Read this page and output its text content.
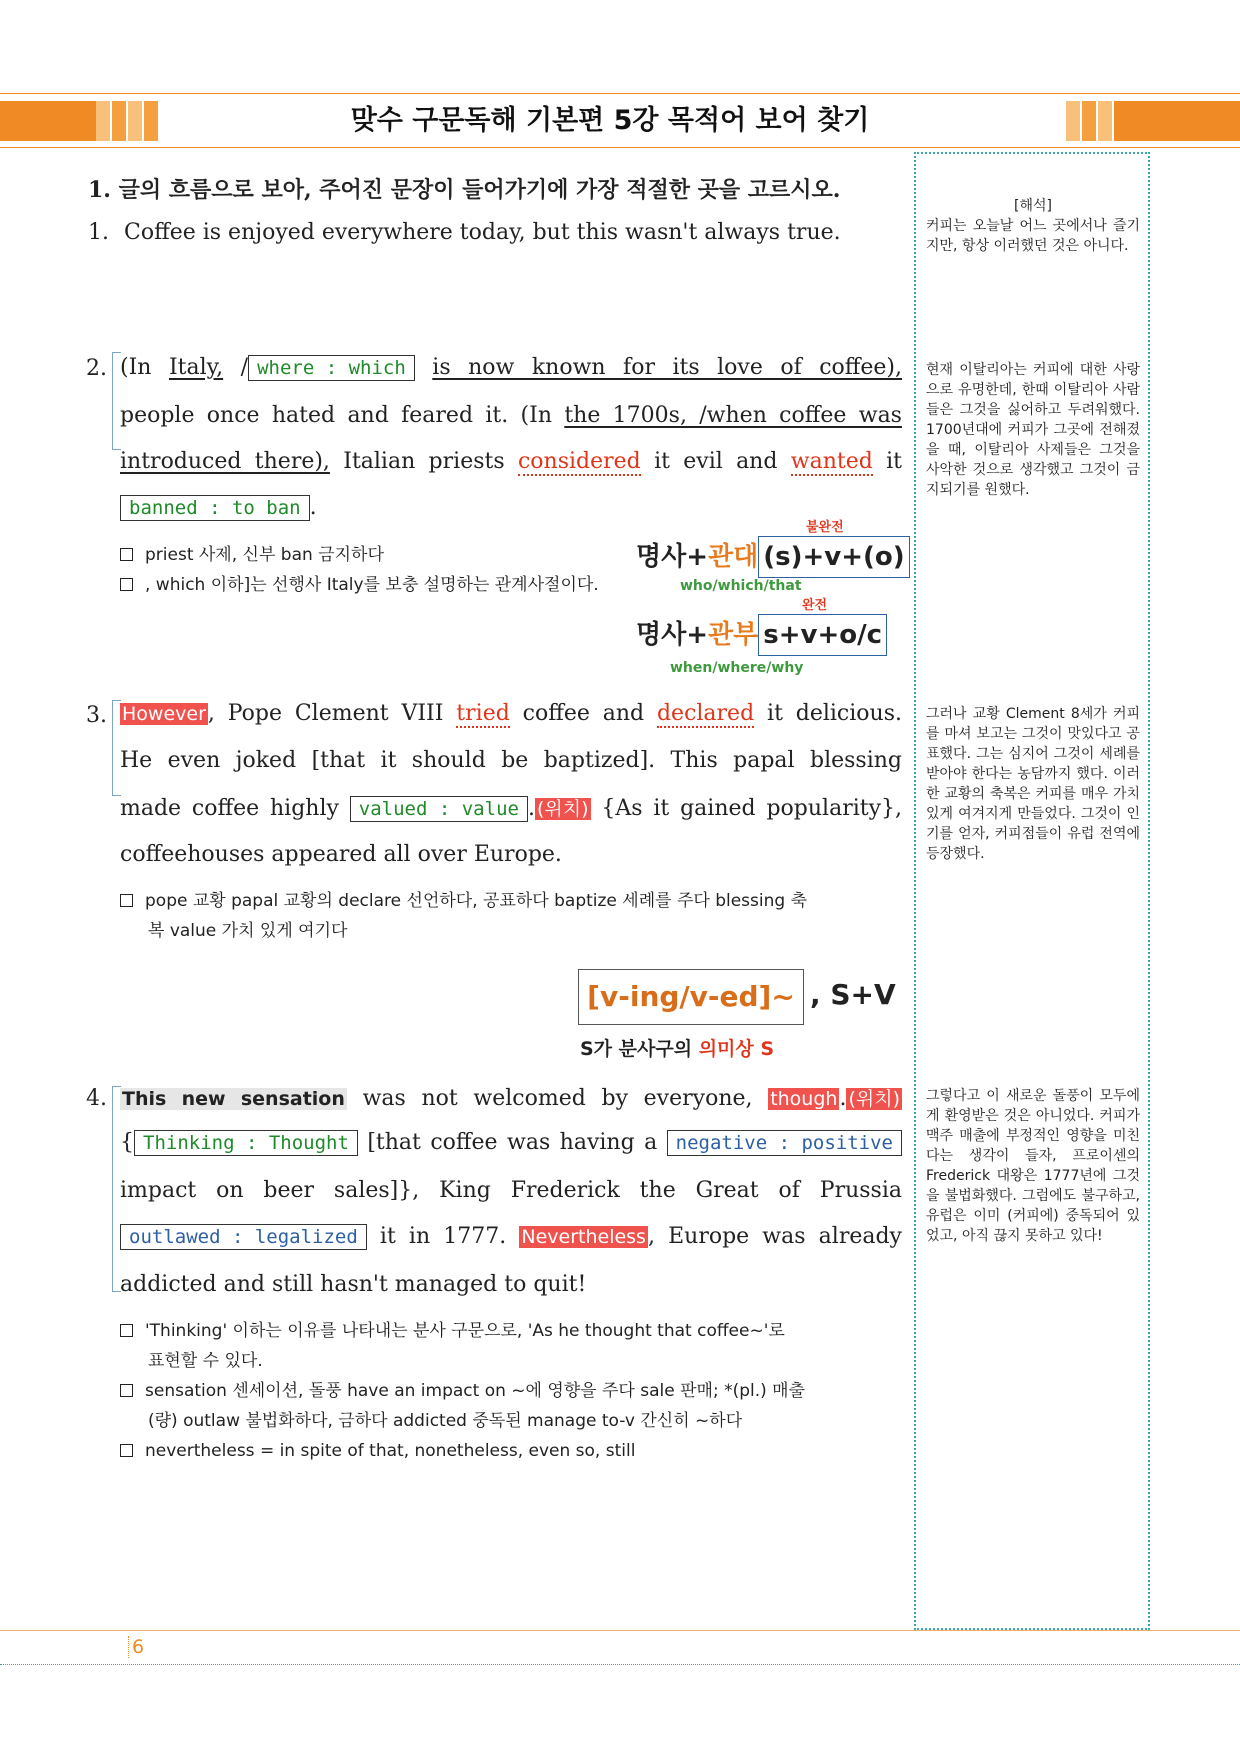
맞수 구문독해 기본편 5강 목적어 보어 찾기
[해석]
커피는 오늘날 어느 곳에서나 즐기지만, 항상 이러했던 것은 아니다.
현재 이탈리아는 커피에 대한 사랑으로 유명한데, 한때 이탈리아 사람들은 그것을 싫어하고 두려워했다. 1700년대에 커피가 그곳에 전해졌을 때, 이탈리아 사제들은 그것을 사악한 것으로 생각했고 그것이 금지되기를 원했다.
그러나 교황 Clement 8세가 커피를 마셔 보고는 그것이 맛있다고 공표했다. 그는 심지어 그것이 세례를 받아야 한다는 농담까지 했다. 이러한 교황의 축복은 커피를 매우 가치 있게 여겨지게 만들었다. 그것이 인기를 얻자, 커피점들이 유럽 전역에 등장했다.
그렇다고 이 새로운 돌풍이 모두에게 환영받은 것은 아니었다. 커피가 맥주 매출에 부정적인 영향을 미친다는 생각이 들자, 프로이센의 Frederick 대왕은 1777년에 그것을 불법화했다. 그럼에도 불구하고, 유럽은 이미 (커피에) 중독되어 있었고, 아직 끊지 못하고 있다!
1. 글의 흐름으로 보아, 주어진 문장이 들어가기에 가장 적절한 곳을 고르시오.
1. Coffee is enjoyed everywhere today, but this wasn't always true.
2. (In Italy, / where : which is now known for its love of coffee),
people once hated and feared it. (In the 1700s, /when coffee was
introduced there), Italian priests considered it evil and wanted it
banned : to ban .
priest 사제, 신부 ban 금지하다
, which 이하]는 선행사 Italy를 보충 설명하는 관계사절이다.
불완전
명사+관대 (s)+v+(o)
who/which/that
완전
명사+관부 s+v+o/c
when/where/why
3. However, Pope Clement VIII tried coffee and declared it delicious.
He even joked [that it should be baptized]. This papal blessing
made coffee highly valued : value . (위치) {As it gained popularity},
coffeehouses appeared all over Europe.
pope 교황 papal 교황의 declare 선언하다, 공표하다 baptize 세례를 주다 blessing 축
복 value 가치 있게 여기다
[v-ing/v-ed]~ , S+V
S가 분사구의 의미상 S
4. This new sensation was not welcomed by everyone, though. (위치)
{ Thinking : Thought [that coffee was having a negative : positive
impact on beer sales]}, King Frederick the Great of Prussia
outlawed : legalized it in 1777. Nevertheless, Europe was already
addicted and still hasn't managed to quit!
'Thinking' 이하는 이유를 나타내는 분사 구문으로, 'As he thought that coffee~'로
표현할 수 있다.
sensation 센세이션, 돌풍 have an impact on ~에 영향을 주다 sale 판매; *(pl.) 매출
(량) outlaw 불법화하다, 금하다 addicted 중독된 manage to-v 간신히 ~하다
nevertheless = in spite of that, nonetheless, even so, still
6
